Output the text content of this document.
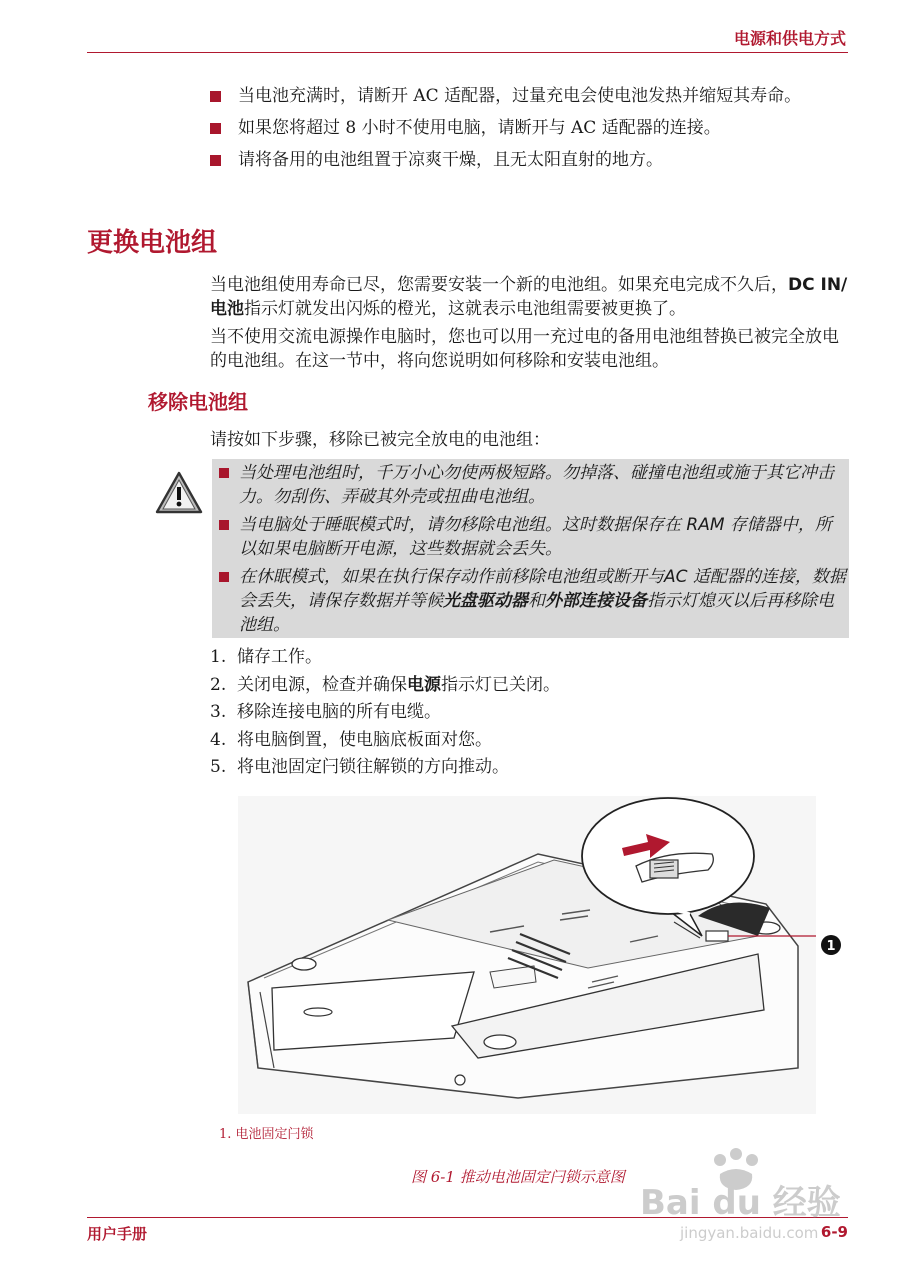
电源和供电方式
当电池充满时，请断开 AC 适配器，过量充电会使电池发热并缩短其寿命。
如果您将超过 8 小时不使用电脑，请断开与 AC 适配器的连接。
请将备用的电池组置于凉爽干燥，且无太阳直射的地方。
更换电池组

当电池组使用寿命已尽，您需要安装一个新的电池组。如果充电完成不久后，DC IN/ 电池指示灯就发出闪烁的橙光，这就表示电池组需要被更换了。

当不使用交流电源操作电脑时，您也可以用一充过电的备用电池组替换已被完全放电的电池组。在这一节中，将向您说明如何移除和安装电池组。

移除电池组

请按如下步骤，移除已被完全放电的电池组：

当处理电池组时，千万小心勿使两极短路。勿掉落、碰撞电池组或施于其它冲击力。勿刮伤、弄破其外壳或扭曲电池组。
当电脑处于睡眠模式时，请勿移除电池组。这时数据保存在 RAM 存储器中，所以如果电脑断开电源，这些数据就会丢失。
在休眠模式，如果在执行保存动作前移除电池组或断开与AC 适配器的连接，数据会丢失，请保存数据并等候光盘驱动器和外部连接设备指示灯熄灭以后再移除电池组。
1. 储存工作。
2. 关闭电源，检查并确保电源指示灯已关闭。
3. 移除连接电脑的所有电缆。
4. 将电脑倒置，使电脑底板面对您。
5. 将电池固定闩锁往解锁的方向推动。
1
1. 电池固定闩锁
图 6-1 推动电池固定闩锁示意图
用户手册	6-9
Bai du 经验
jingyan.baidu.com
